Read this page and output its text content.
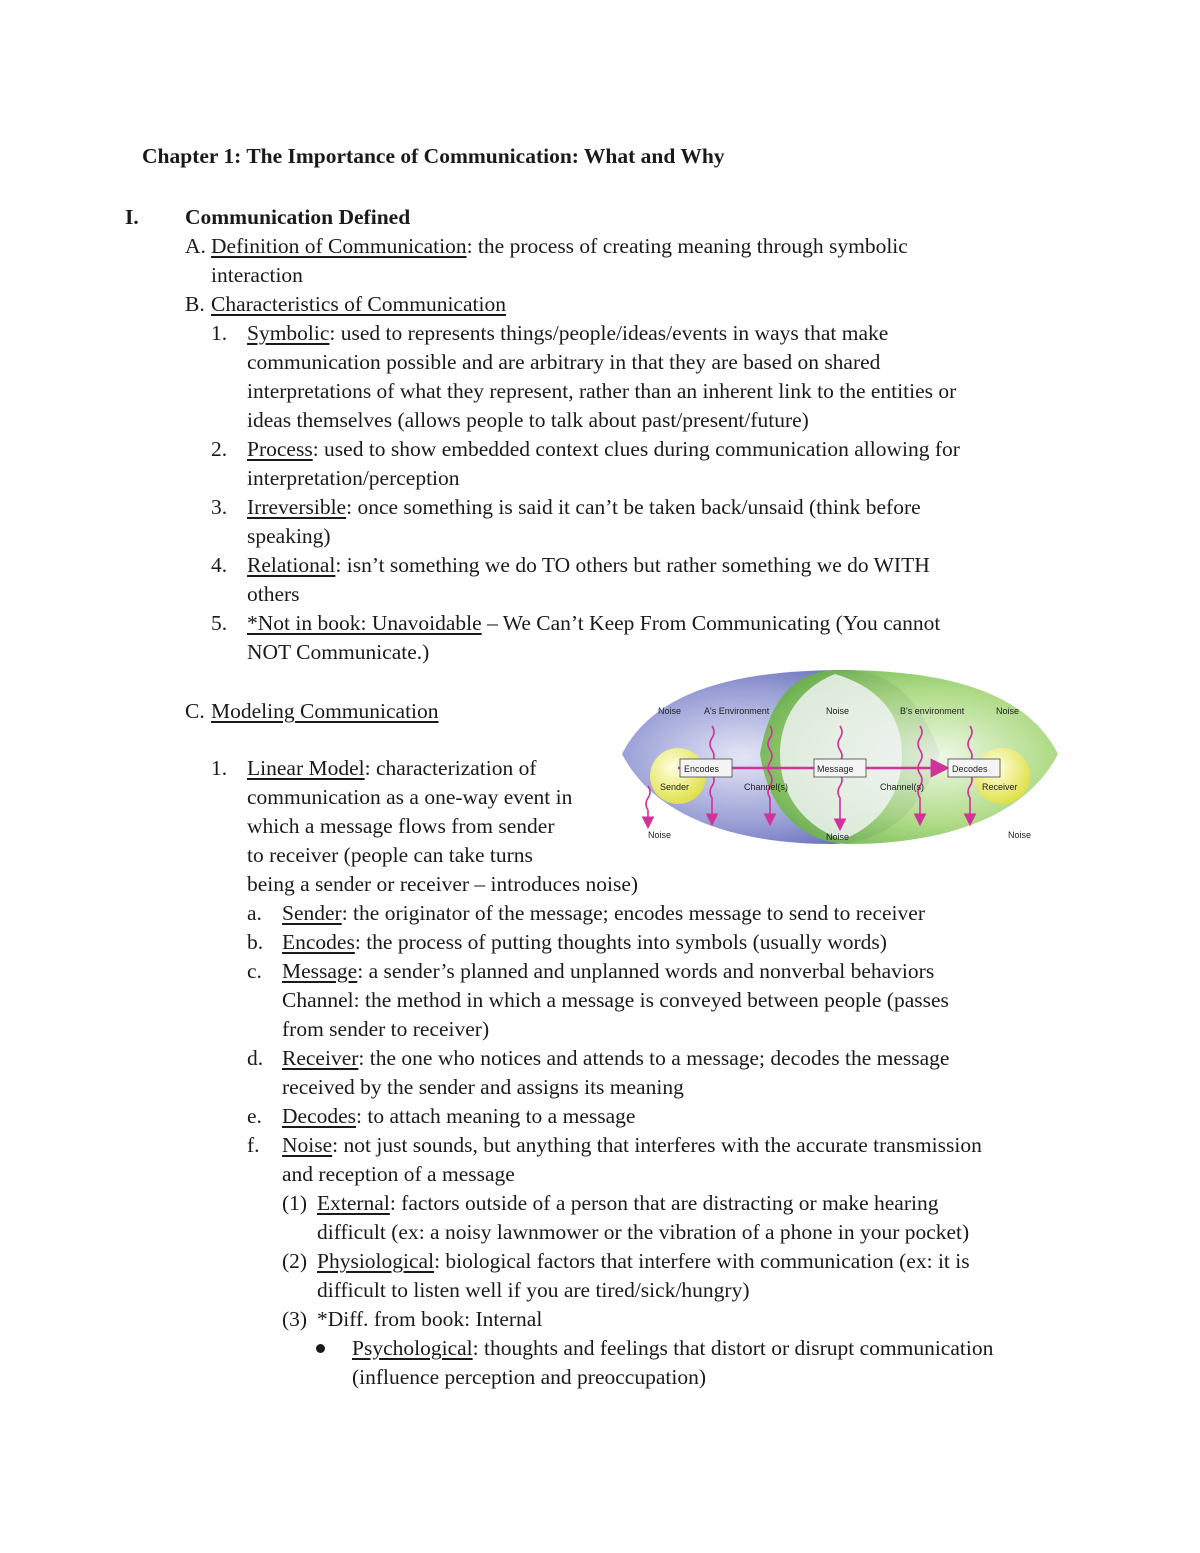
Chapter 1: The Importance of Communication: What and Why
I. Communication Defined
A. Definition of Communication: the process of creating meaning through symbolic
interaction
B. Characteristics of Communication
1. Symbolic: used to represents things/people/ideas/events in ways that make
communication possible and are arbitrary in that they are based on shared
interpretations of what they represent, rather than an inherent link to the entities or
ideas themselves (allows people to talk about past/present/future)
2. Process: used to show embedded context clues during communication allowing for
interpretation/perception
3. Irreversible: once something is said it can’t be taken back/unsaid (think before
speaking)
4. Relational: isn’t something we do TO others but rather something we do WITH
others
5. *Not in book: Unavoidable – We Can’t Keep From Communicating (You cannot
NOT Communicate.)
C. Modeling Communication
1. Linear Model: characterization of
communication as a one-way event in
which a message flows from sender
to receiver (people can take turns
being a sender or receiver – introduces noise)
a. Sender: the originator of the message; encodes message to send to receiver
b. Encodes: the process of putting thoughts into symbols (usually words)
c. Message: a sender’s planned and unplanned words and nonverbal behaviors
Channel: the method in which a message is conveyed between people (passes
from sender to receiver)
d. Receiver: the one who notices and attends to a message; decodes the message
received by the sender and assigns its meaning
e. Decodes: to attach meaning to a message
f. Noise: not just sounds, but anything that interferes with the accurate transmission
and reception of a message
(1) External: factors outside of a person that are distracting or make hearing
difficult (ex: a noisy lawnmower or the vibration of a phone in your pocket)
(2) Physiological: biological factors that interfere with communication (ex: it is
difficult to listen well if you are tired/sick/hungry)
(3) *Diff. from book: Internal
Psychological: thoughts and feelings that distort or disrupt communication
(influence perception and preoccupation)
Noise	A's Environment	Noise	B's environment	Noise
Encodes	Message	Decodes
Sender	Receiver
Channel(s)	Channel(s)
Noise	Noise	Noise
